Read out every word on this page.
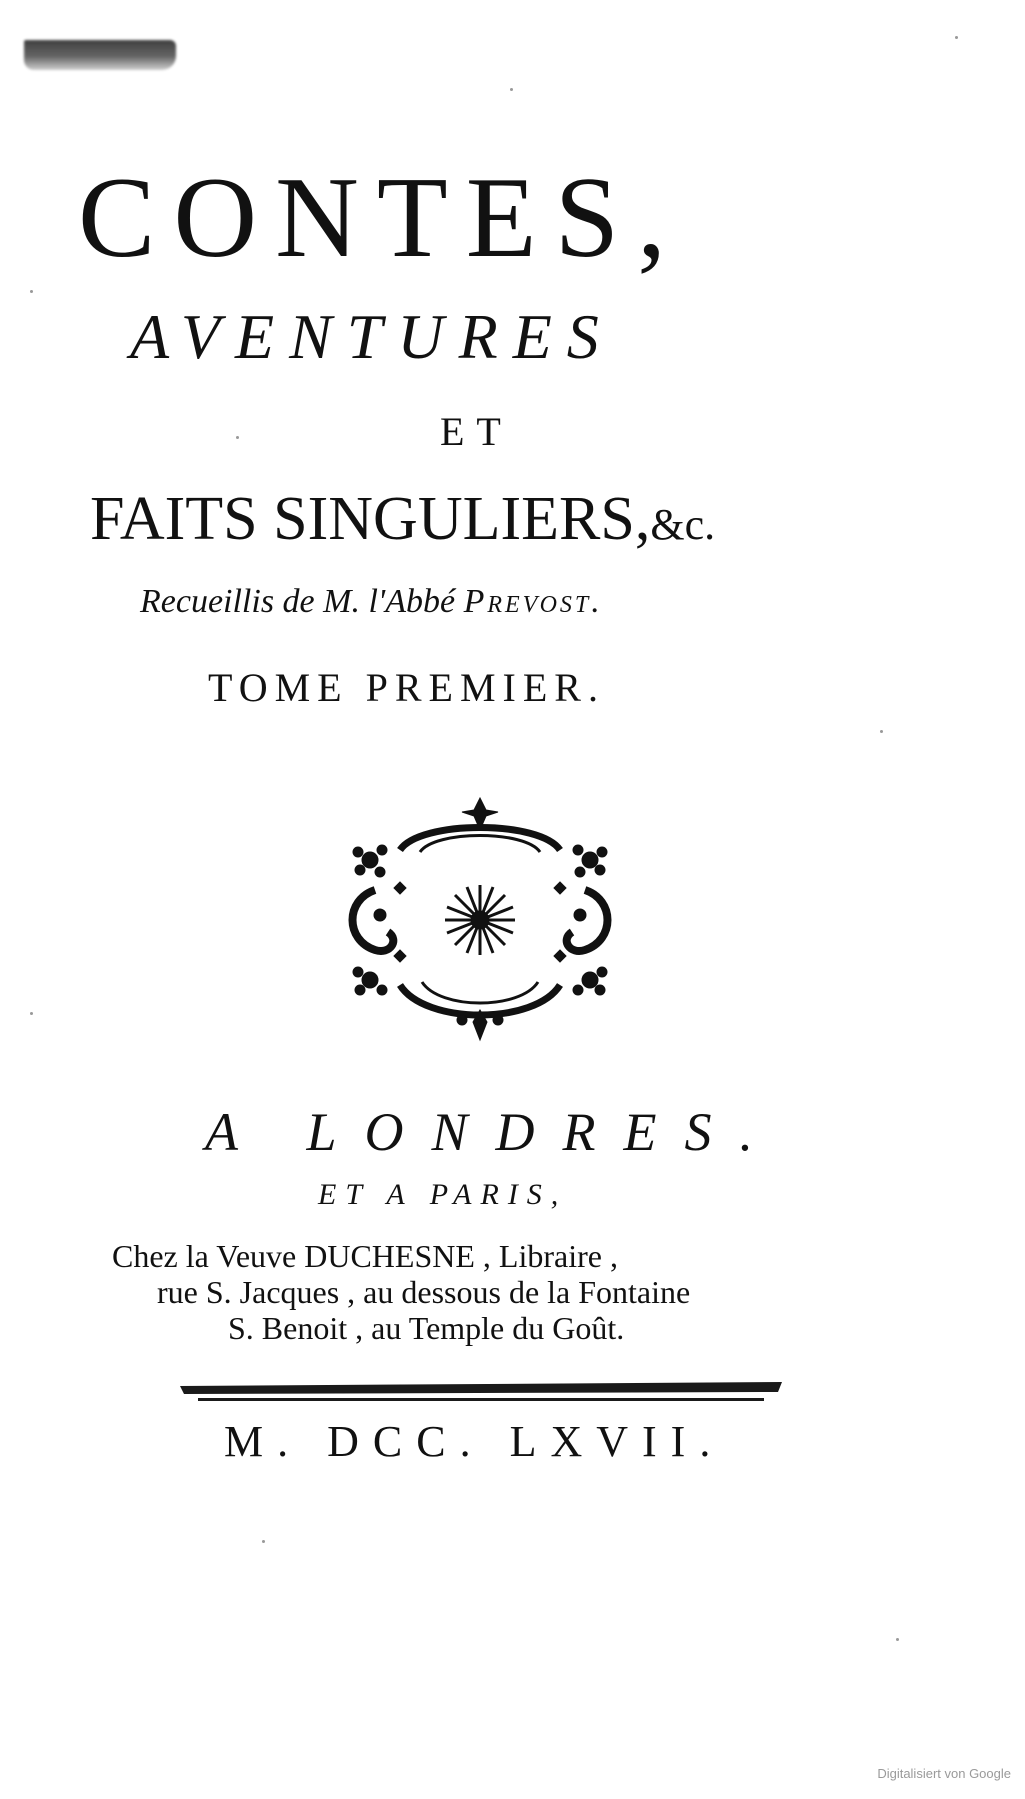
CONTES,
AVENTURES
ET
FAITS SINGULIERS,&c.
Recueillis de M. l'Abbé Prevost.
TOME PREMIER.
A LONDRES.
ET A PARIS,
Chez la Veuve DUCHESNE , Libraire ,
rue S. Jacques , au dessous de la Fontaine
S. Benoit , au Temple du Goût.
M. DCC. LXVII.
Digitalisiert von Google
